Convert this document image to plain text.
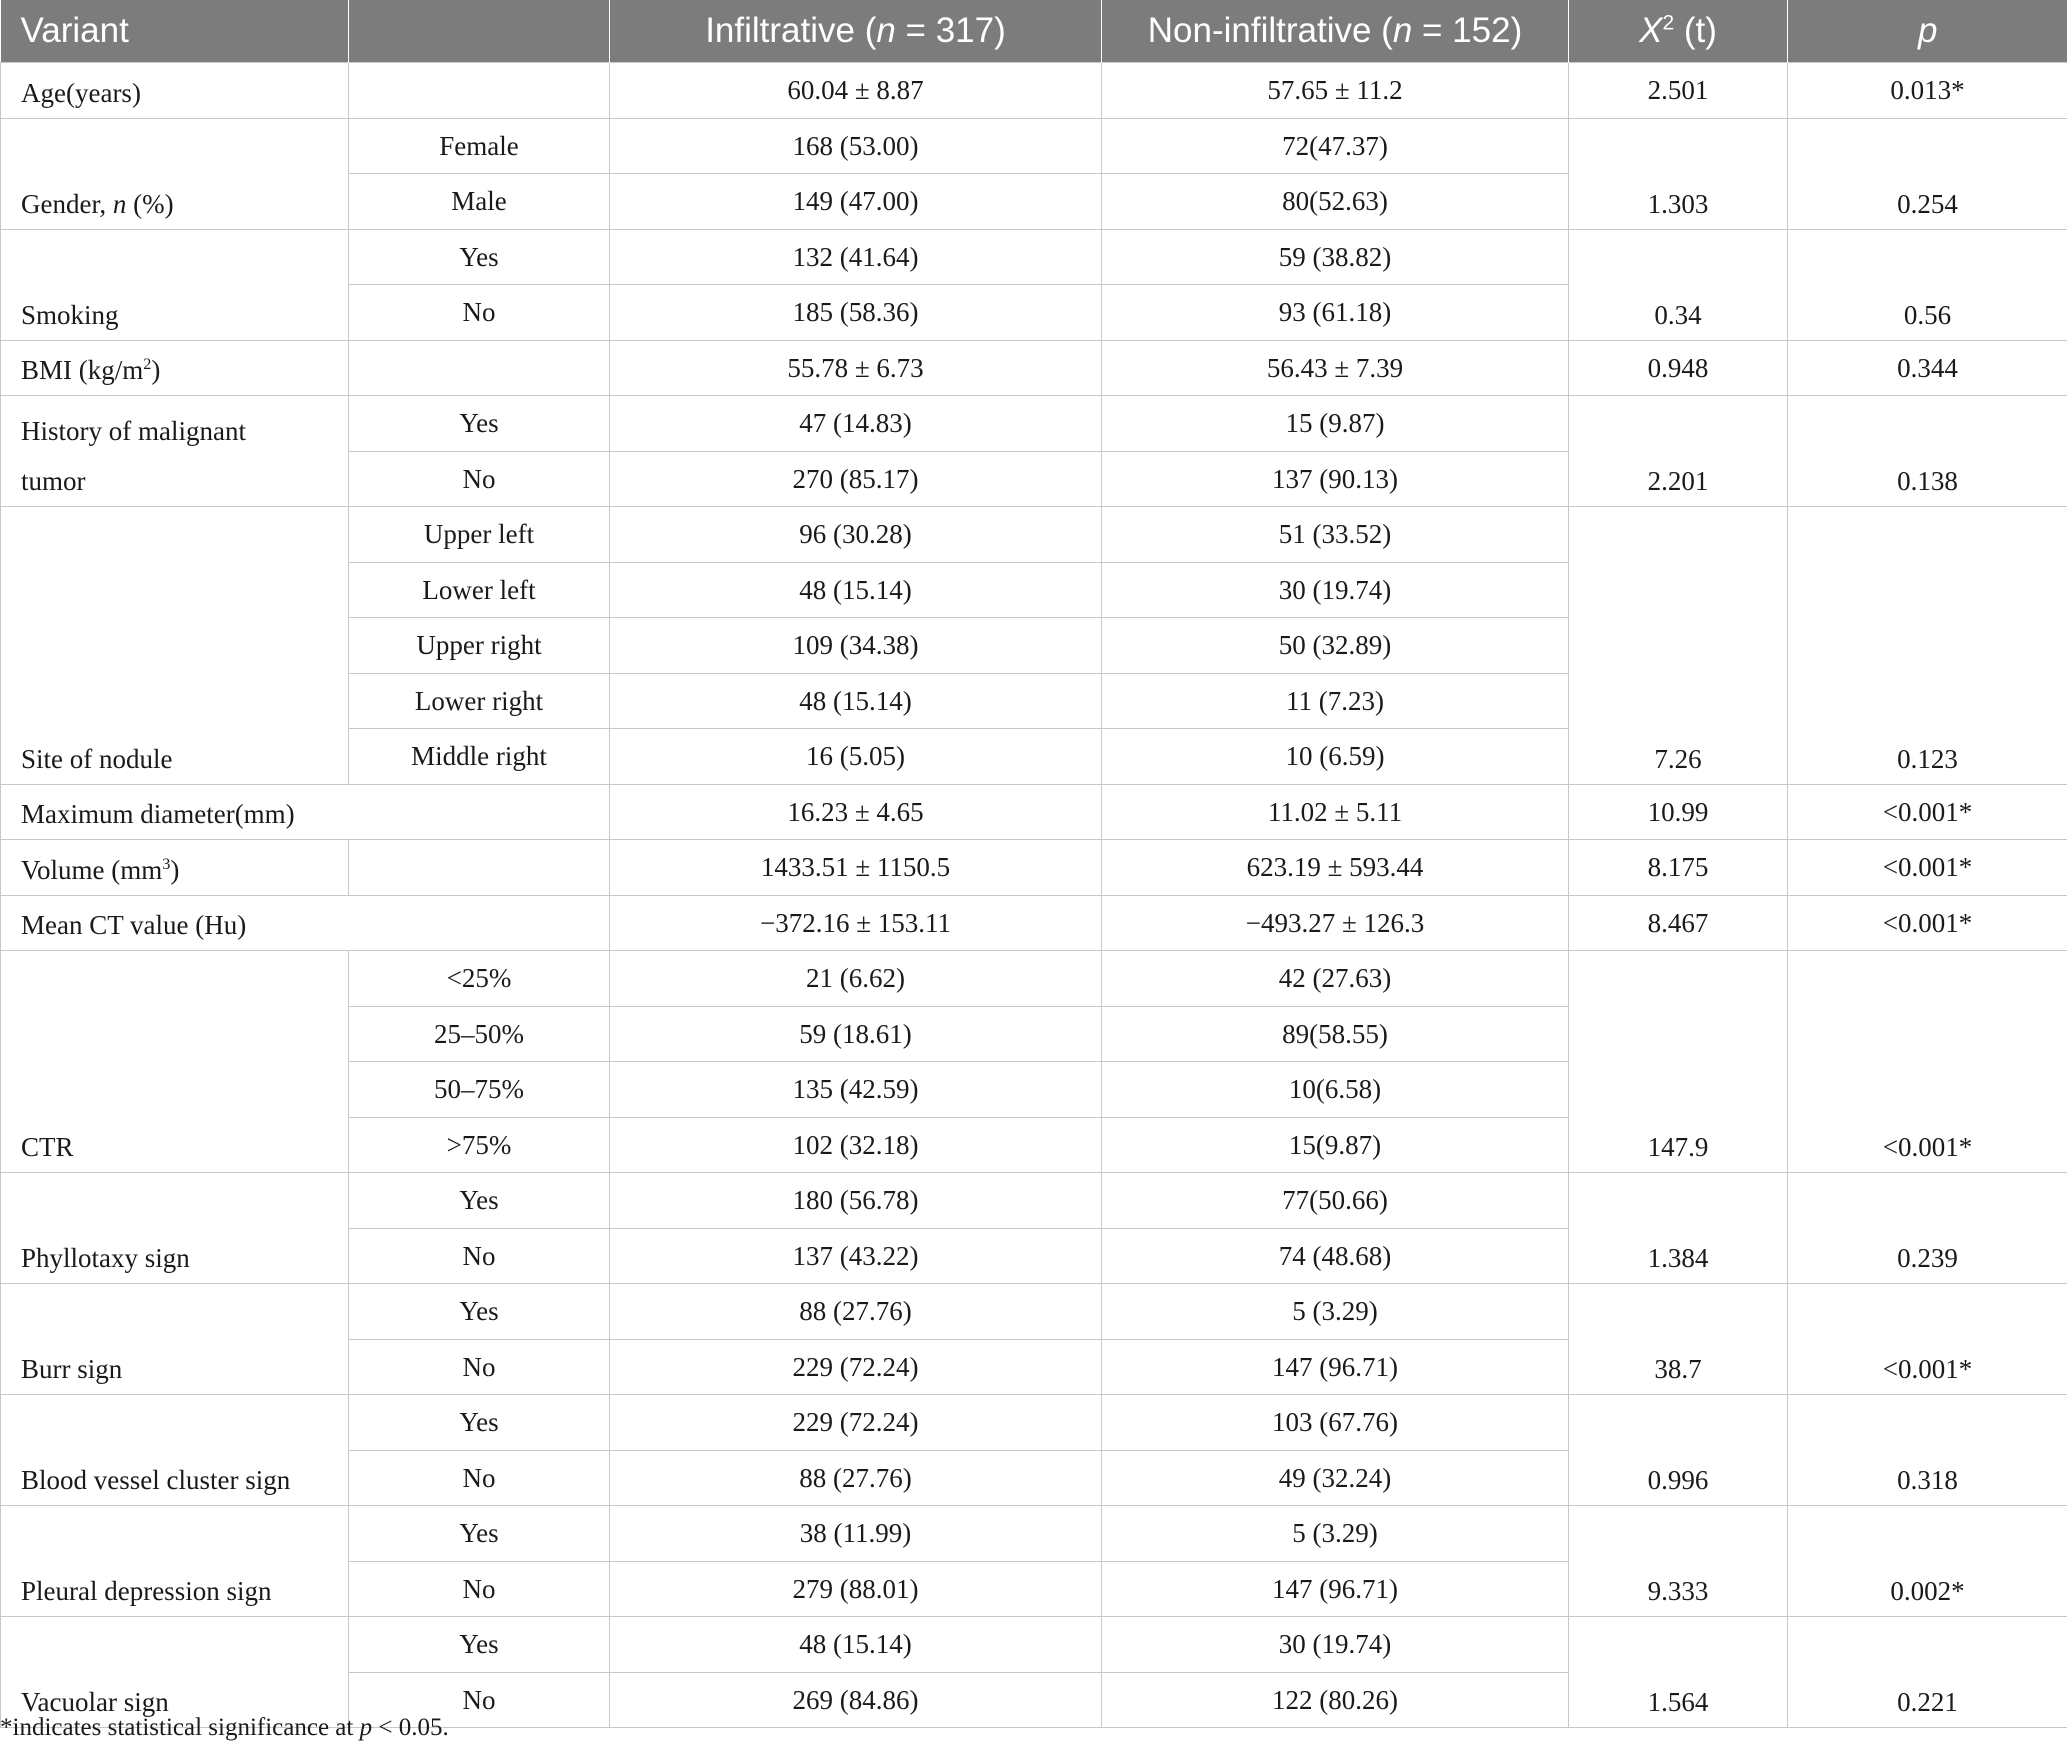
Variant		Infiltrative (n = 317)	Non-infiltrative (n = 152)	$X^2$ (t)	p
Age(years)		60.04 ± 8.87	57.65 ± 11.2	2.501	0.013*
Gender, n (%)	Female	168 (53.00)	72(47.37)	1.303	0.254
	Male	149 (47.00)	80(52.63)		
Smoking	Yes	132 (41.64)	59 (38.82)	0.34	0.56
	No	185 (58.36)	93 (61.18)		
BMI $(kg/m^2)$		55.78 ± 6.73	56.43 ± 7.39	0.948	0.344

History of malignant
tumor	Yes	47 (14.83)	15 (9.87)	2.201	0.138
	No	270 (85.17)	137 (90.13)		
Site of nodule	Upper left	96 (30.28)	51 (33.52)	7.26	0.123
	Lower left	48 (15.14)	30 (19.74)		
	Upper right	109 (34.38)	50 (32.89)		
	Lower right	48 (15.14)	11 (7.23)		
	Middle right	16 (5.05)	10 (6.59)		
Maximum diameter(mm)		16.23 ± 4.65	11.02 ± 5.11	10.99	<0.001*
Volume $(mm^3)$		1433.51 ± 1150.5	623.19 ± 593.44	8.175	<0.001*
Mean CT value (Hu)		−372.16 ± 153.11	−493.27 ± 126.3	8.467	<0.001*
CTR	<25%	21 (6.62)	42 (27.63)	147.9	<0.001*
	25–50%	59 (18.61)	89(58.55)		
	50–75%	135 (42.59)	10(6.58)		
	>75%	102 (32.18)	15(9.87)		
Phyllotaxy sign	Yes	180 (56.78)	77(50.66)	1.384	0.239
	No	137 (43.22)	74 (48.68)		
Burr sign	Yes	88 (27.76)	5 (3.29)	38.7	<0.001*
	No	229 (72.24)	147 (96.71)		
Blood vessel cluster sign	Yes	229 (72.24)	103 (67.76)	0.996	0.318
	No	88 (27.76)	49 (32.24)		
Pleural depression sign	Yes	38 (11.99)	5 (3.29)	9.333	0.002*
	No	279 (88.01)	147 (96.71)		
Vacuolar sign	Yes	48 (15.14)	30 (19.74)	1.564	0.221
	No	269 (84.86)	122 (80.26)		
*indicates statistical significance at p < 0.05.
